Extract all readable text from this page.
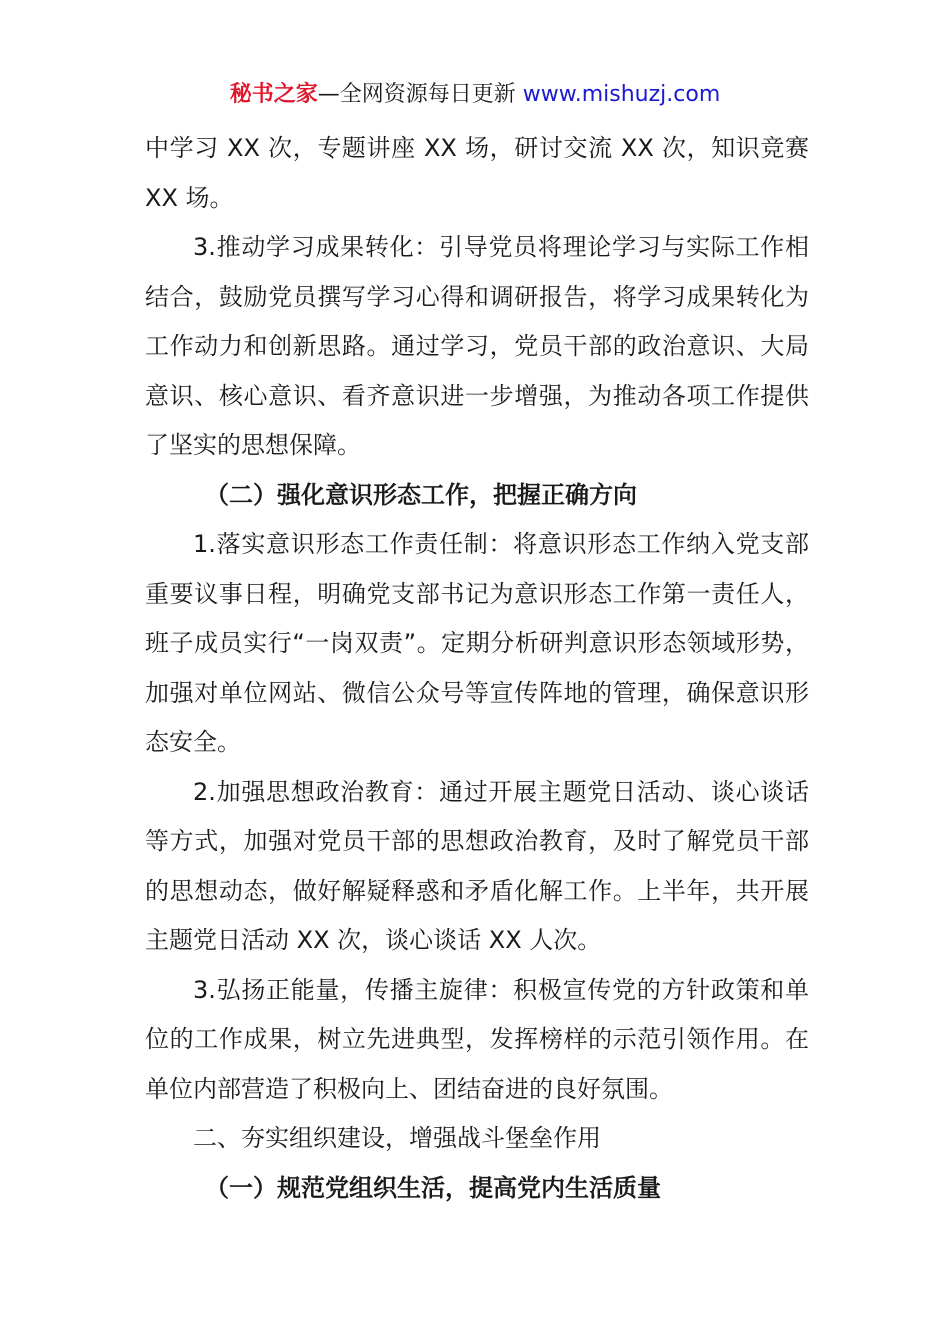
秘书之家—全网资源每日更新 www.mishuzj.com

中学习 XX 次，专题讲座 XX 场，研讨交流 XX 次，知识竞赛 XX 场。

3.推动学习成果转化：引导党员将理论学习与实际工作相结合，鼓励党员撰写学习心得和调研报告，将学习成果转化为工作动力和创新思路。通过学习，党员干部的政治意识、大局意识、核心意识、看齐意识进一步增强，为推动各项工作提供了坚实的思想保障。

（二）强化意识形态工作，把握正确方向

1.落实意识形态工作责任制：将意识形态工作纳入党支部重要议事日程，明确党支部书记为意识形态工作第一责任人，班子成员实行“一岗双责”。定期分析研判意识形态领域形势，加强对单位网站、微信公众号等宣传阵地的管理，确保意识形态安全。

2.加强思想政治教育：通过开展主题党日活动、谈心谈话等方式，加强对党员干部的思想政治教育，及时了解党员干部的思想动态，做好解疑释惑和矛盾化解工作。上半年，共开展主题党日活动 XX 次，谈心谈话 XX 人次。

3.弘扬正能量，传播主旋律：积极宣传党的方针政策和单位的工作成果，树立先进典型，发挥榜样的示范引领作用。在单位内部营造了积极向上、团结奋进的良好氛围。

二、夯实组织建设，增强战斗堡垒作用

（一）规范党组织生活，提高党内生活质量
